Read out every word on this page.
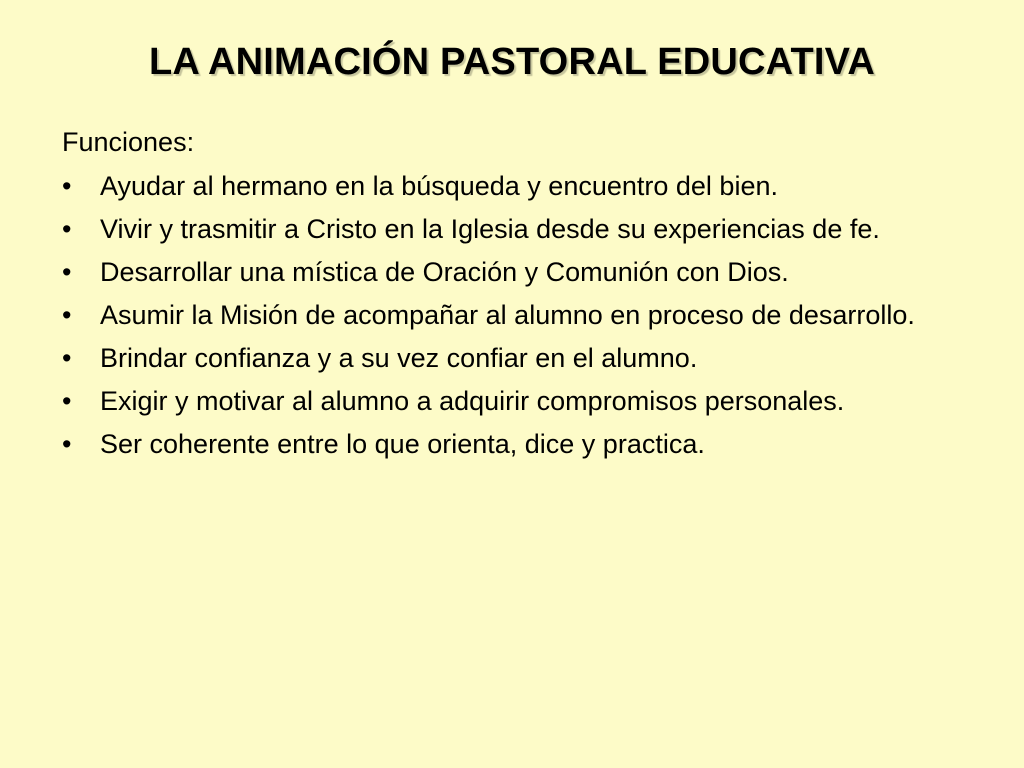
LA ANIMACIÓN PASTORAL EDUCATIVA

Funciones:

•	Ayudar al hermano en la búsqueda y encuentro del bien.
•	Vivir y trasmitir a Cristo en la Iglesia desde su experiencias de fe.
•	Desarrollar una mística de Oración y Comunión con Dios.
•	Asumir la Misión de acompañar al alumno en proceso de desarrollo.
•	Brindar confianza y a su vez confiar en el alumno.
•	Exigir y motivar al alumno a adquirir compromisos personales.
•	Ser coherente entre lo que orienta, dice y practica.
